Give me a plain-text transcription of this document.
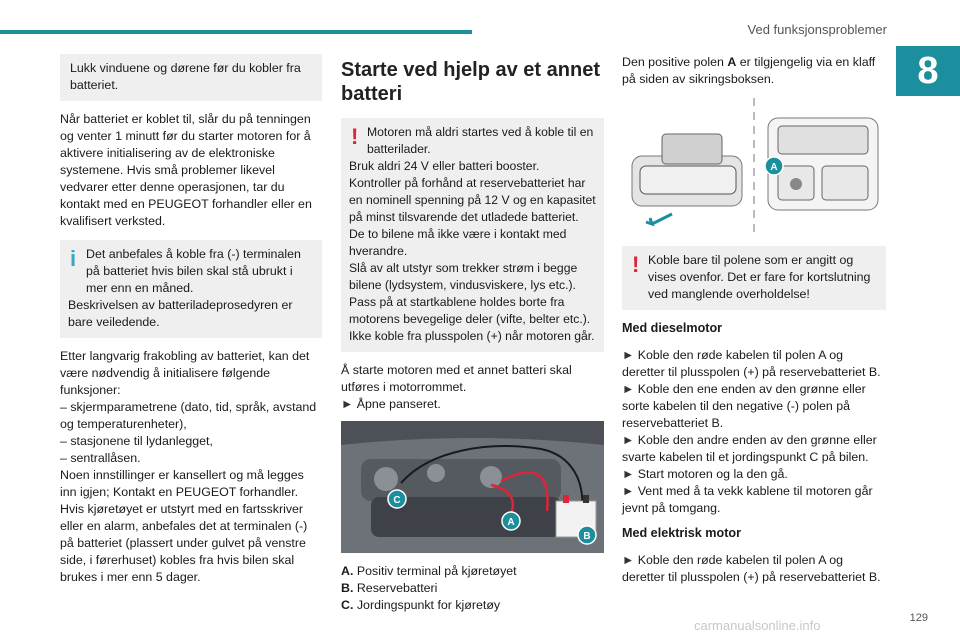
Ved funksjonsproblemer
8
Lukk vinduene og dørene før du kobler fra batteriet.

Når batteriet er koblet til, slår du på tenningen og venter 1 minutt før du starter motoren for å aktivere initialisering av de elektroniske systemene. Hvis små problemer likevel vedvarer etter denne operasjonen, tar du kontakt med en PEUGEOT forhandler eller en kvalifisert verksted.

i Det anbefales å koble fra (-) terminalen på batteriet hvis bilen skal stå ubrukt i mer enn en måned.
Beskrivelsen av batteriladeprosedyren er bare veiledende.

Etter langvarig frakobling av batteriet, kan det være nødvendig å initialisere følgende funksjoner:
– skjermparametrene (dato, tid, språk, avstand og temperaturenheter),
– stasjonene til lydanlegget,
– sentrallåsen.
Noen innstillinger er kansellert og må legges inn igjen; Kontakt en PEUGEOT forhandler.
Hvis kjøretøyet er utstyrt med en fartsskriver eller en alarm, anbefales det at terminalen (-) på batteriet (plassert under gulvet på venstre side, i førerhuset) kobles fra hvis bilen skal brukes i mer enn 5 dager.

Starte ved hjelp av et annet batteri
! Motoren må aldri startes ved å koble til en batterilader.
Bruk aldri 24 V eller batteri booster.
Kontroller på forhånd at reservebatteriet har en nominell spenning på 12 V og en kapasitet på minst tilsvarende det utladede batteriet.
De to bilene må ikke være i kontakt med hverandre.
Slå av alt utstyr som trekker strøm i begge bilene (lydsystem, vindusviskere, lys etc.).
Pass på at startkablene holdes borte fra motorens bevegelige deler (vifte, belter etc.).
Ikke koble fra plusspolen (+) når motoren går.

Å starte motoren med et annet batteri skal utføres i motorrommet.
► Åpne panseret.

C
A
B
A. Positiv terminal på kjøretøyet
B. Reservebatteri
C. Jordingspunkt for kjøretøy

Den positive polen A er tilgjengelig via en klaff på siden av sikringsboksen.

A
! Koble bare til polene som er angitt og vises ovenfor. Det er fare for kortslutning ved manglende overholdelse!
Med dieselmotor
► Koble den røde kabelen til polen A og deretter til plusspolen (+) på reservebatteriet B.
► Koble den ene enden av den grønne eller sorte kabelen til den negative (-) polen på reservebatteriet B.
► Koble den andre enden av den grønne eller svarte kabelen til et jordingspunkt C på bilen.
► Start motoren og la den gå.
► Vent med å ta vekk kablene til motoren går jevnt på tomgang.
Med elektrisk motor
► Koble den røde kabelen til polen A og deretter til plusspolen (+) på reservebatteriet B.
129
carmanualsonline.info
